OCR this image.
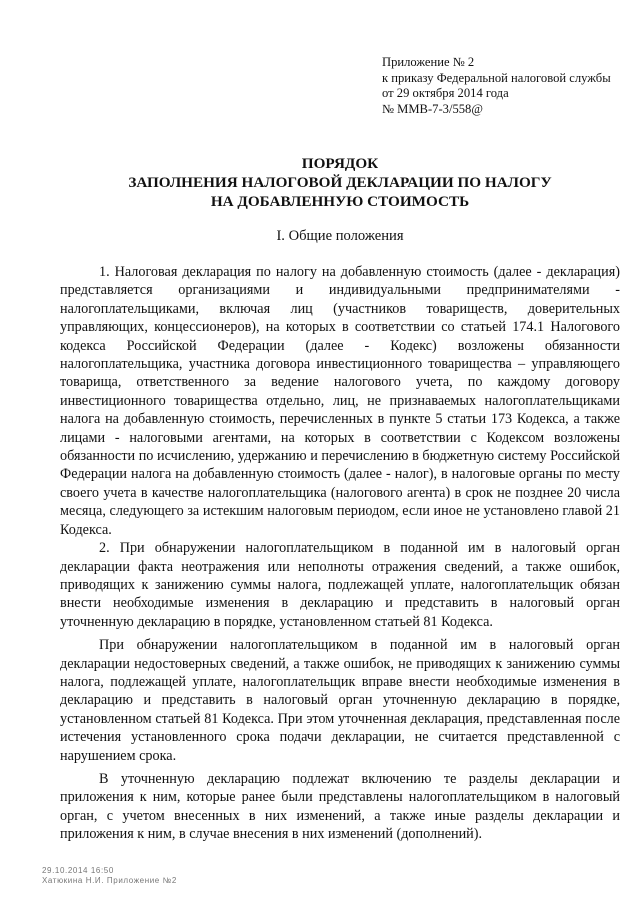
Приложение № 2
к приказу Федеральной налоговой службы
от 29 октября 2014 года
№ ММВ-7-3/558@
ПОРЯДОК
ЗАПОЛНЕНИЯ НАЛОГОВОЙ ДЕКЛАРАЦИИ ПО НАЛОГУ
НА ДОБАВЛЕННУЮ СТОИМОСТЬ
I. Общие положения

1. Налоговая декларация по налогу на добавленную стоимость (далее - декларация) представляется организациями и индивидуальными предпринимателями - налогоплательщиками, включая лиц (участников товариществ, доверительных управляющих, концессионеров), на которых в соответствии со статьей 174.1 Налогового кодекса Российской Федерации (далее - Кодекс) возложены обязанности налогоплательщика, участника договора инвестиционного товарищества – управляющего товарища, ответственного за ведение налогового учета, по каждому договору инвестиционного товарищества отдельно, лиц, не признаваемых налогоплательщиками налога на добавленную стоимость, перечисленных в пункте 5 статьи 173 Кодекса, а также лицами - налоговыми агентами, на которых в соответствии с Кодексом возложены обязанности по исчислению, удержанию и перечислению в бюджетную систему Российской Федерации налога на добавленную стоимость (далее - налог), в налоговые органы по месту своего учета в качестве налогоплательщика (налогового агента) в срок не позднее 20 числа месяца, следующего за истекшим налоговым периодом, если иное не установлено главой 21 Кодекса.

2. При обнаружении налогоплательщиком в поданной им в налоговый орган декларации факта неотражения или неполноты отражения сведений, а также ошибок, приводящих к занижению суммы налога, подлежащей уплате, налогоплательщик обязан внести необходимые изменения в декларацию и представить в налоговый орган уточненную декларацию в порядке, установленном статьей 81 Кодекса.

При обнаружении налогоплательщиком в поданной им в налоговый орган декларации недостоверных сведений, а также ошибок, не приводящих к занижению суммы налога, подлежащей уплате, налогоплательщик вправе внести необходимые изменения в декларацию и представить в налоговый орган уточненную декларацию в порядке, установленном статьей 81 Кодекса. При этом уточненная декларация, представленная после истечения установленного срока подачи декларации, не считается представленной с нарушением срока.

В уточненную декларацию подлежат включению те разделы декларации и приложения к ним, которые ранее были представлены налогоплательщиком в налоговый орган, с учетом внесенных в них изменений, а также иные разделы декларации и приложения к ним, в случае внесения в них изменений (дополнений).

29.10.2014 16:50
Хатюкина Н.И. Приложение №2
